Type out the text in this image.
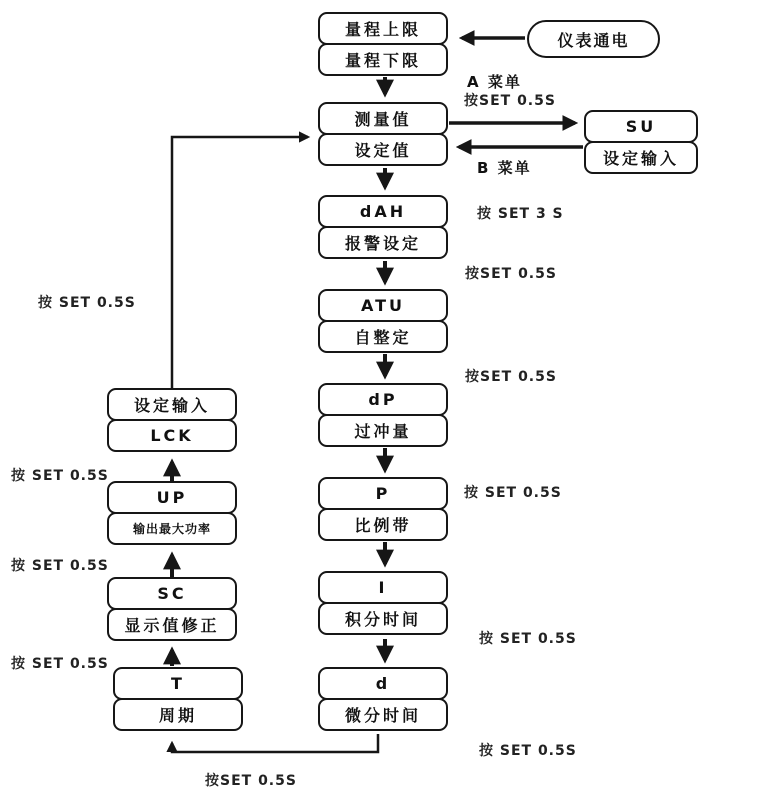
仪表通电
量程上限
量程下限
测量值
设定值
dAH
报警设定
ATU
自整定
dP
过冲量
P
比例带
I
积分时间
d
微分时间
SU
设定输入
设定输入
LCK
UP
输出最大功率
SC
显示值修正
T
周期
A 菜单
按SET 0.5S
B 菜单
按 SET 3 S
按SET 0.5S
按SET 0.5S
按 SET 0.5S
按 SET 0.5S
按 SET 0.5S
按 SET 0.5S
按 SET 0.5S
按 SET 0.5S
按 SET 0.5S
按SET 0.5S
